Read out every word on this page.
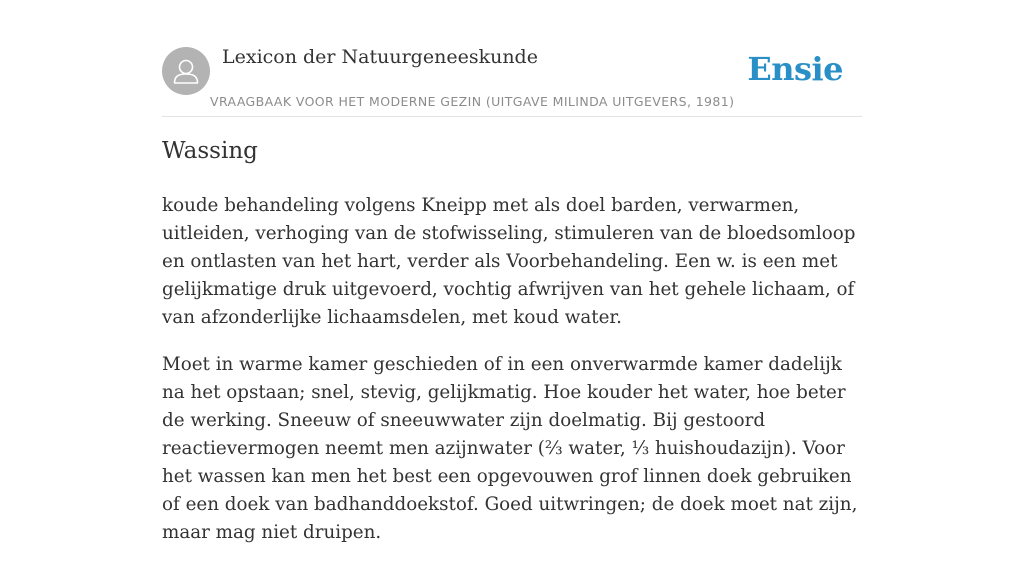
Lexicon der Natuurgeneeskunde
VRAAGBAAK VOOR HET MODERNE GEZIN (UITGAVE MILINDA UITGEVERS, 1981)
Ensie
Wassing

koude behandeling volgens Kneipp met als doel barden, verwarmen, uitleiden, verhoging van de stofwisseling, stimuleren van de bloedsomloop en ontlasten van het hart, verder als Voorbehandeling. Een w. is een met gelijkmatige druk uitgevoerd, vochtig afwrijven van het gehele lichaam, of van afzonderlijke lichaamsdelen, met koud water.

Moet in warme kamer geschieden of in een onverwarmde kamer dadelijk na het opstaan; snel, stevig, gelijkmatig. Hoe kouder het water, hoe beter de werking. Sneeuw of sneeuwwater zijn doelmatig. Bij gestoord reactievermogen neemt men azijnwater (⅔ water, ⅓ huishoudazijn). Voor het wassen kan men het best een opgevouwen grof linnen doek gebruiken of een doek van badhanddoekstof. Goed uitwringen; de doek moet nat zijn, maar mag niet druipen.
